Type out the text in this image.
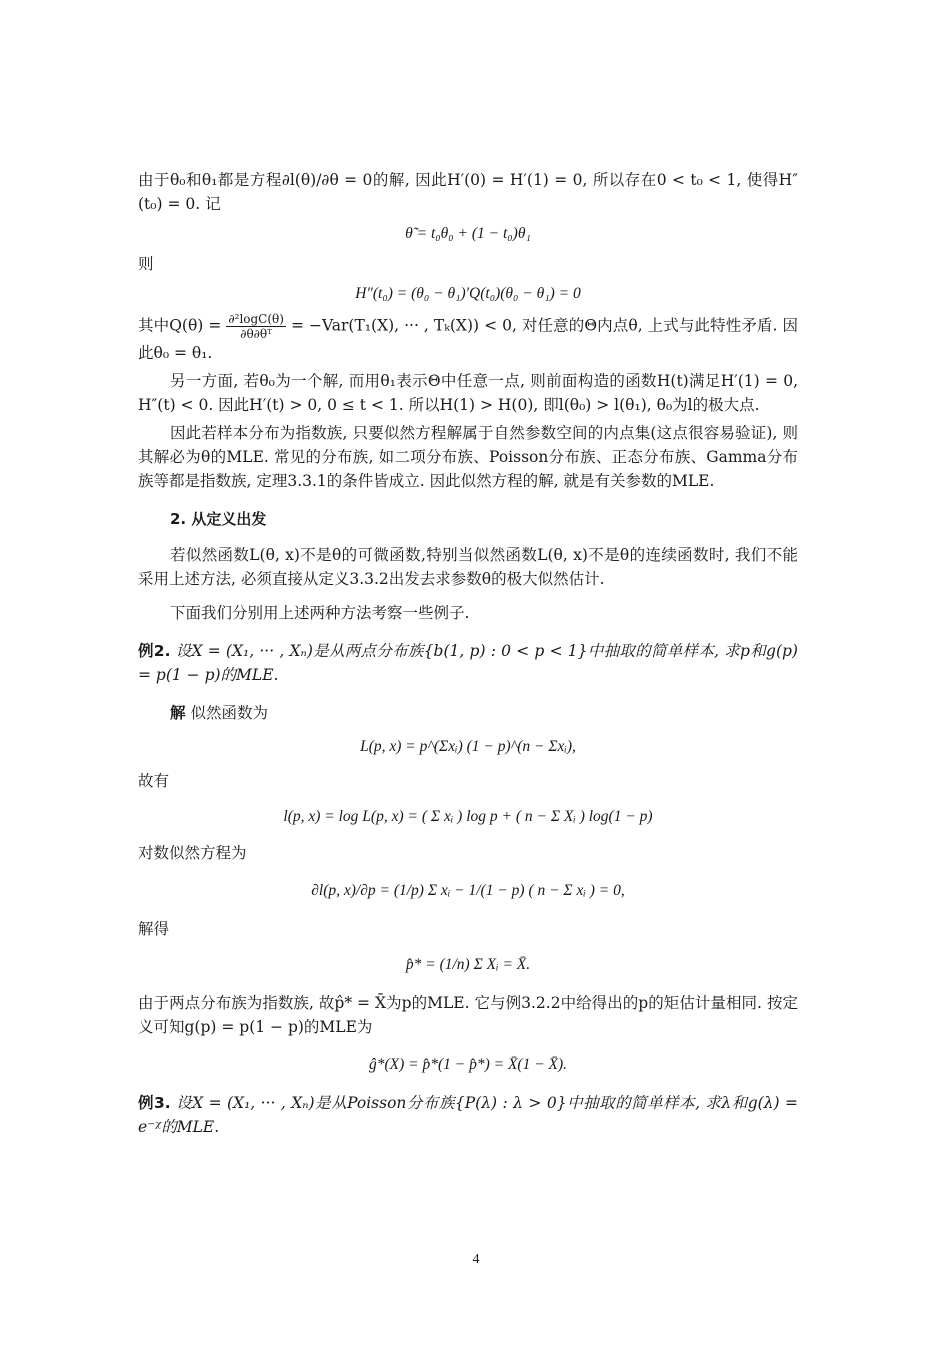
由于θ₀和θ₁都是方程∂l(θ)/∂θ = 0的解, 因此H′(0) = H′(1) = 0, 所以存在0 < t₀ < 1, 使得H″(t₀) = 0. 记

θ̃ = t₀θ₀ + (1 − t₀)θ₁

则

H″(t₀) = (θ₀ − θ₁)′Q(t₀)(θ₀ − θ₁) = 0

其中$Q(\theta) = \frac{\text{∂²logC(θ)}}{\text{∂θ∂θᵀ}} = -Var(T_1(X)$, ··· , Tₖ(X)) < 0, 对任意的Θ内点θ, 上式与此特性矛盾. 因此θ₀ = θ₁.

另一方面, 若θ₀为一个解, 而用θ₁表示Θ中任意一点, 则前面构造的函数H(t)满足H′(1) = 0, H″(t) < 0. 因此H′(t) > 0, 0 ≤ t < 1. 所以H(1) > H(0), 即l(θ₀) > l(θ₁), θ₀为l的极大点.

因此若样本分布为指数族, 只要似然方程解属于自然参数空间的内点集(这点很容易验证), 则其解必为θ的MLE. 常见的分布族, 如二项分布族、Poisson分布族、正态分布族、Gamma分布族等都是指数族, 定理3.3.1的条件皆成立. 因此似然方程的解, 就是有关参数的MLE.

2. 从定义出发

若似然函数L(θ, x)不是θ的可微函数,特别当似然函数L(θ, x)不是θ的连续函数时, 我们不能采用上述方法, 必须直接从定义3.3.2出发去求参数θ的极大似然估计.

下面我们分别用上述两种方法考察一些例子.

例2. 设X = (X₁, ··· , Xₙ)是从两点分布族{b(1, p) : 0 < p < 1}中抽取的简单样本, 求p和g(p) = p(1 − p)的MLE.

解 似然函数为

L(p, x) = p^(Σxᵢ) (1 − p)^(n − Σxᵢ),

故有

l(p, x) = log L(p, x) = ( Σ xᵢ ) log p + ( n − Σ Xᵢ ) log(1 − p)

对数似然方程为

∂l(p, x)/∂p = (1/p) Σ xᵢ − 1/(1 − p) ( n − Σ xᵢ ) = 0,

解得

p̂* = (1/n) Σ Xᵢ = X̄.

由于两点分布族为指数族, 故p̂* = X̄为p的MLE. 它与例3.2.2中给得出的p的矩估计量相同. 按定义可知g(p) = p(1 − p)的MLE为

ĝ*(X) = p̂*(1 − p̂*) = X̄(1 − X̄).

例3. 设X = (X₁, ··· , Xₙ)是从Poisson分布族{P(λ) : λ > 0}中抽取的简单样本, 求λ和g(λ) = e⁻ᵡ的MLE.

4
